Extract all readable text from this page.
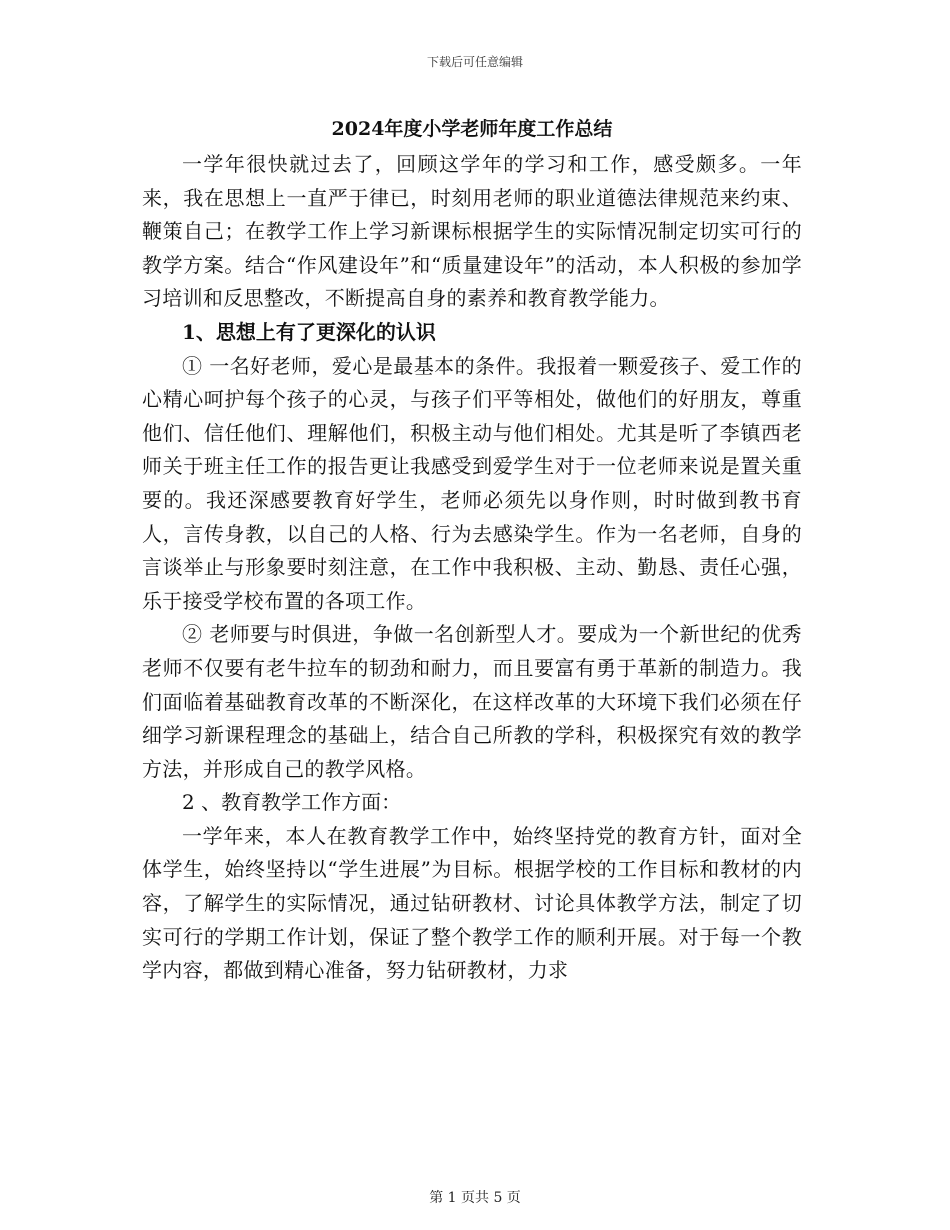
下载后可任意编辑

2024年度小学老师年度工作总结

一学年很快就过去了，回顾这学年的学习和工作，感受颇多。一年来，我在思想上一直严于律已，时刻用老师的职业道德法律规范来约束、鞭策自己；在教学工作上学习新课标根据学生的实际情况制定切实可行的教学方案。结合“作风建设年”和“质量建设年”的活动，本人积极的参加学习培训和反思整改，不断提高自身的素养和教育教学能力。

1、思想上有了更深化的认识

① 一名好老师，爱心是最基本的条件。我报着一颗爱孩子、爱工作的心精心呵护每个孩子的心灵，与孩子们平等相处，做他们的好朋友，尊重他们、信任他们、理解他们，积极主动与他们相处。尤其是听了李镇西老师关于班主任工作的报告更让我感受到爱学生对于一位老师来说是置关重要的。我还深感要教育好学生，老师必须先以身作则，时时做到教书育人，言传身教，以自己的人格、行为去感染学生。作为一名老师，自身的言谈举止与形象要时刻注意，在工作中我积极、主动、勤恳、责任心强，乐于接受学校布置的各项工作。

② 老师要与时俱进，争做一名创新型人才。要成为一个新世纪的优秀老师不仅要有老牛拉车的韧劲和耐力，而且要富有勇于革新的制造力。我们面临着基础教育改革的不断深化，在这样改革的大环境下我们必须在仔细学习新课程理念的基础上，结合自己所教的学科，积极探究有效的教学方法，并形成自己的教学风格。

2 、教育教学工作方面：

一学年来，本人在教育教学工作中，始终坚持党的教育方针，面对全体学生，始终坚持以“学生进展”为目标。根据学校的工作目标和教材的内容，了解学生的实际情况，通过钻研教材、讨论具体教学方法，制定了切实可行的学期工作计划，保证了整个教学工作的顺利开展。对于每一个教学内容，都做到精心准备，努力钻研教材，力求

第 1 页共 5 页
